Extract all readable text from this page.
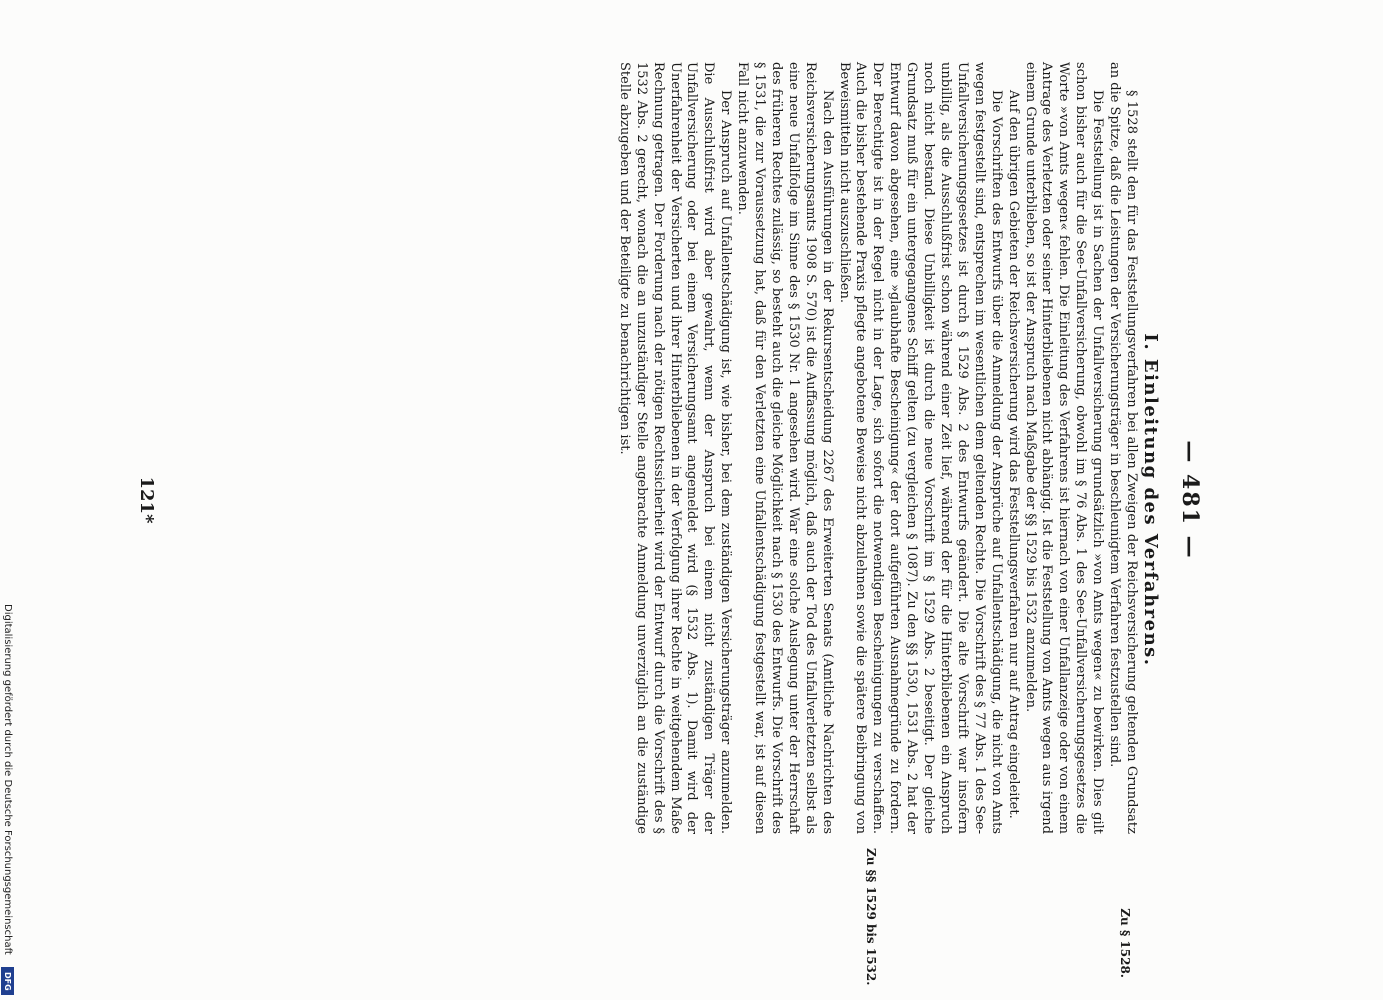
Digitalisierung gefördert durch die Deutsche Forschungsgemeinschaft
DFG
— 481 —
I. Einleitung des Verfahrens.
Zu § 1528.
Zu §§ 1529 bis 1532.

§ 1528 stellt den für das Feststellungsverfahren bei allen Zweigen der Reichsversicherung geltenden Grundsatz an die Spitze, daß die Leistungen der Versicherungsträger in beschleunigtem Verfahren festzustellen sind.

Die Feststellung ist in Sachen der Unfallversicherung grundsätzlich »von Amts wegen« zu bewirken. Dies gilt schon bisher auch für die See-Unfallversicherung, obwohl im § 76 Abs. 1 des See-Unfallversicherungsgesetzes die Worte »von Amts wegen« fehlen. Die Einleitung des Verfahrens ist hiernach von einer Unfallanzeige oder von einem Antrage des Verletzten oder seiner Hinterbliebenen nicht abhängig. Ist die Feststellung von Amts wegen aus irgend einem Grunde unterblieben, so ist der Anspruch nach Maßgabe der §§ 1529 bis 1532 anzumelden.

Auf den übrigen Gebieten der Reichsversicherung wird das Feststellungsverfahren nur auf Antrag eingeleitet.

Die Vorschriften des Entwurfs über die Anmeldung der Ansprüche auf Unfallentschädigung, die nicht von Amts wegen festgestellt sind, entsprechen im wesentlichen dem geltenden Rechte. Die Vorschrift des § 77 Abs. 1 des See-Unfallversicherungsgesetzes ist durch § 1529 Abs. 2 des Entwurfs geändert. Die alte Vorschrift war insofern unbillig, als die Ausschlußfrist schon während einer Zeit lief, während der für die Hinterbliebenen ein Anspruch noch nicht bestand. Diese Unbilligkeit ist durch die neue Vorschrift im § 1529 Abs. 2 beseitigt. Der gleiche Grundsatz muß für ein untergegangenes Schiff gelten (zu vergleichen § 1087). Zu den §§ 1530, 1531 Abs. 2 hat der Entwurf davon abgesehen, eine »glaubhafte Bescheinigung« der dort aufgeführten Ausnahmegründe zu fordern. Der Berechtigte ist in der Regel nicht in der Lage, sich sofort die notwendigen Bescheinigungen zu verschaffen. Auch die bisher bestehende Praxis pflegte angebotene Beweise nicht abzulehnen sowie die spätere Beibringung von Beweismitteln nicht auszuschließen.

Nach den Ausführungen in der Rekursentscheidung 2267 des Erweiterten Senats (Amtliche Nachrichten des Reichsversicherungsamts 1908 S. 570) ist die Auffassung möglich, daß auch der Tod des Unfallverletzten selbst als eine neue Unfallfolge im Sinne des § 1530 Nr. 1 angesehen wird. War eine solche Auslegung unter der Herrschaft des früheren Rechtes zulässig, so besteht auch die gleiche Möglichkeit nach § 1530 des Entwurfs. Die Vorschrift des § 1531, die zur Voraussetzung hat, daß für den Verletzten eine Unfallentschädigung festgestellt war, ist auf diesen Fall nicht anzuwenden.

Der Anspruch auf Unfallentschädigung ist, wie bisher, bei dem zuständigen Versicherungsträger anzumelden. Die Ausschlußfrist wird aber gewahrt, wenn der Anspruch bei einem nicht zuständigen Träger der Unfallversicherung oder bei einem Versicherungsamt angemeldet wird (§ 1532 Abs. 1). Damit wird der Unerfahrenheit der Versicherten und ihrer Hinterbliebenen in der Verfolgung ihrer Rechte in weitgehendem Maße Rechnung getragen. Der Forderung nach der nötigen Rechtssicherheit wird der Entwurf durch die Vorschrift des § 1532 Abs. 2 gerecht, wonach die an unzuständiger Stelle angebrachte Anmeldung unverzüglich an die zuständige Stelle abzugeben und der Beteiligte zu benachrichtigen ist.

121*
